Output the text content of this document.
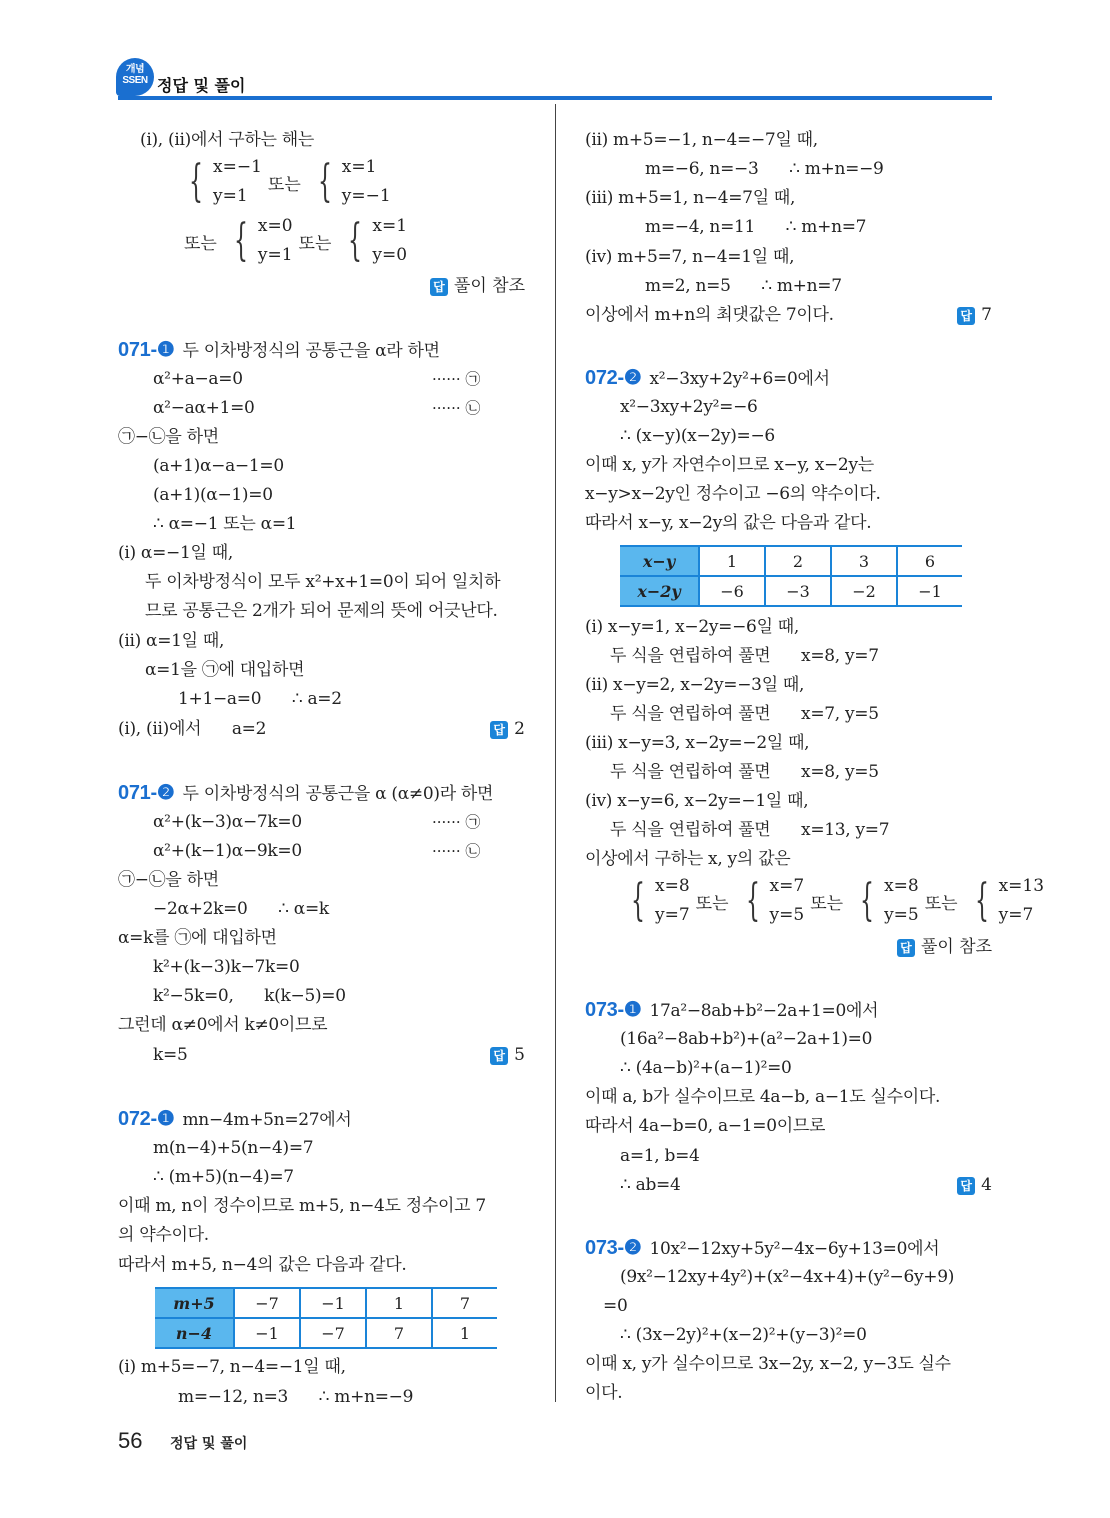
개념
SSEN 정답 및 풀이
(i), (ii)에서 구하는 해는
{ x=−1
y=1
또는 { x=1
y=−1
또는 { x=0
y=1
또는 { x=1
y=0
답 풀이 참조
071-❶ 두 이차방정식의 공통근을 α라 하면
α²+a−a=0	······ ㉠
α²−aα+1=0	······ ㉡
㉠−㉡을 하면
(a+1)α−a−1=0
(a+1)(α−1)=0
∴ α=−1 또는 α=1
(i) α=−1일 때,
두 이차방정식이 모두 x²+x+1=0이 되어 일치하
므로 공통근은 2개가 되어 문제의 뜻에 어긋난다.
(ii) α=1일 때,
α=1을 ㉠에 대입하면
1+1−a=0      ∴ a=2
(i), (ii)에서      a=2	답 2
071-❷ 두 이차방정식의 공통근을 α (α≠0)라 하면
α²+(k−3)α−7k=0	······ ㉠
α²+(k−1)α−9k=0	······ ㉡
㉠−㉡을 하면
−2α+2k=0      ∴ α=k
α=k를 ㉠에 대입하면
k²+(k−3)k−7k=0
k²−5k=0,      k(k−5)=0
그런데 α≠0에서 k≠0이므로
k=5	답 5
072-❶ mn−4m+5n=27에서
m(n−4)+5(n−4)=7
∴ (m+5)(n−4)=7
이때 m, n이 정수이므로 m+5, n−4도 정수이고 7
의 약수이다.
따라서 m+5, n−4의 값은 다음과 같다.
m+5	−7	−1	1	7
n−4	−1	−7	7	1
(i) m+5=−7, n−4=−1일 때,
m=−12, n=3      ∴ m+n=−9
(ii) m+5=−1, n−4=−7일 때,
m=−6, n=−3      ∴ m+n=−9
(iii) m+5=1, n−4=7일 때,
m=−4, n=11      ∴ m+n=7
(iv) m+5=7, n−4=1일 때,
m=2, n=5      ∴ m+n=7
이상에서 m+n의 최댓값은 7이다.	답 7
072-❷ x²−3xy+2y²+6=0에서
x²−3xy+2y²=−6
∴ (x−y)(x−2y)=−6
이때 x, y가 자연수이므로 x−y, x−2y는
x−y>x−2y인 정수이고 −6의 약수이다.
따라서 x−y, x−2y의 값은 다음과 같다.
x−y	1	2	3	6
x−2y	−6	−3	−2	−1
(i) x−y=1, x−2y=−6일 때,
두 식을 연립하여 풀면      x=8, y=7
(ii) x−y=2, x−2y=−3일 때,
두 식을 연립하여 풀면      x=7, y=5
(iii) x−y=3, x−2y=−2일 때,
두 식을 연립하여 풀면      x=8, y=5
(iv) x−y=6, x−2y=−1일 때,
두 식을 연립하여 풀면      x=13, y=7
이상에서 구하는 x, y의 값은
{ x=8
y=7
또는 { x=7
y=5
또는 { x=8
y=5
또는 { x=13
y=7
답 풀이 참조
073-❶ 17a²−8ab+b²−2a+1=0에서
(16a²−8ab+b²)+(a²−2a+1)=0
∴ (4a−b)²+(a−1)²=0
이때 a, b가 실수이므로 4a−b, a−1도 실수이다.
따라서 4a−b=0, a−1=0이므로
a=1, b=4
∴ ab=4	답 4
073-❷ 10x²−12xy+5y²−4x−6y+13=0에서
(9x²−12xy+4y²)+(x²−4x+4)+(y²−6y+9)
=0
∴ (3x−2y)²+(x−2)²+(y−3)²=0
이때 x, y가 실수이므로 3x−2y, x−2, y−3도 실수
이다.
56 정답 및 풀이
